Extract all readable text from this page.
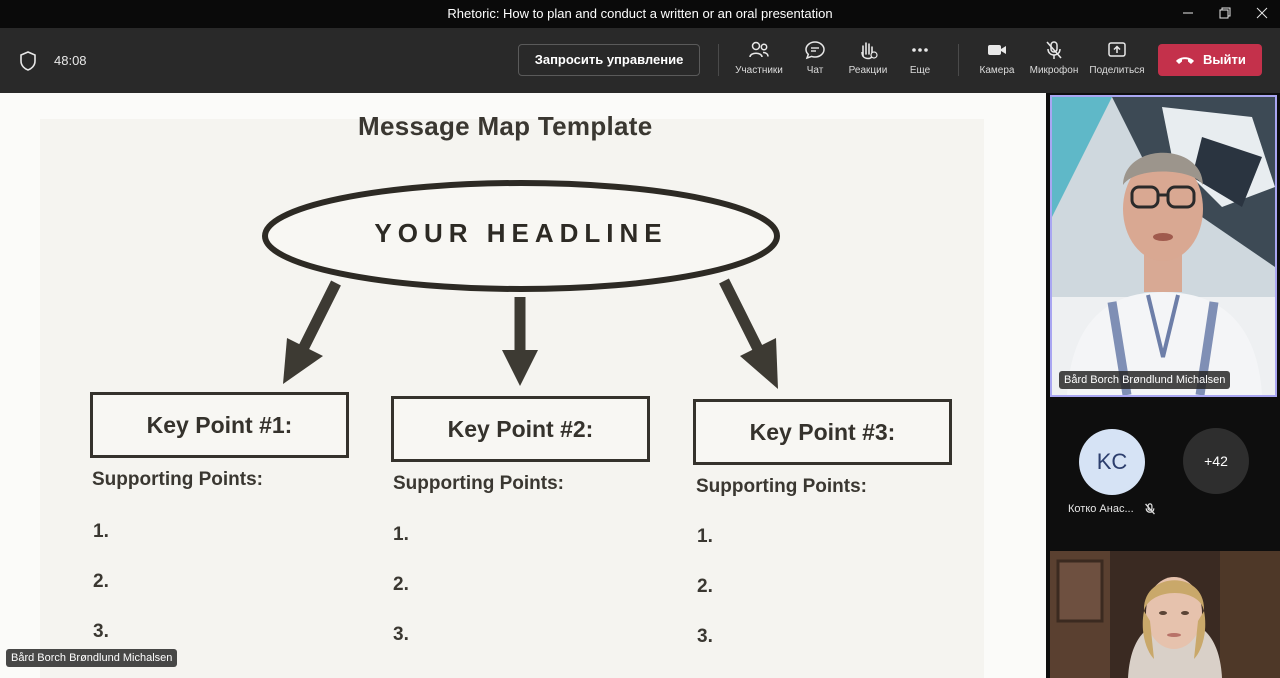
Rhetoric: How to plan and conduct a written or an oral presentation
48:08	Запросить управление
Участники	Чат	Реакции	Еще	Камера	Микрофон	Поделиться
Выйти
Message Map Template
YOUR HEADLINE
Key Point #1:	Key Point #2:	Key Point #3:
Supporting Points:	Supporting Points:	Supporting Points:
1.
2.
3.
1.
2.
3.
1.
2.
3.
Bård Borch Brøndlund Michalsen
Bård Borch Brøndlund Michalsen
KC	+42
Котко Анас...
